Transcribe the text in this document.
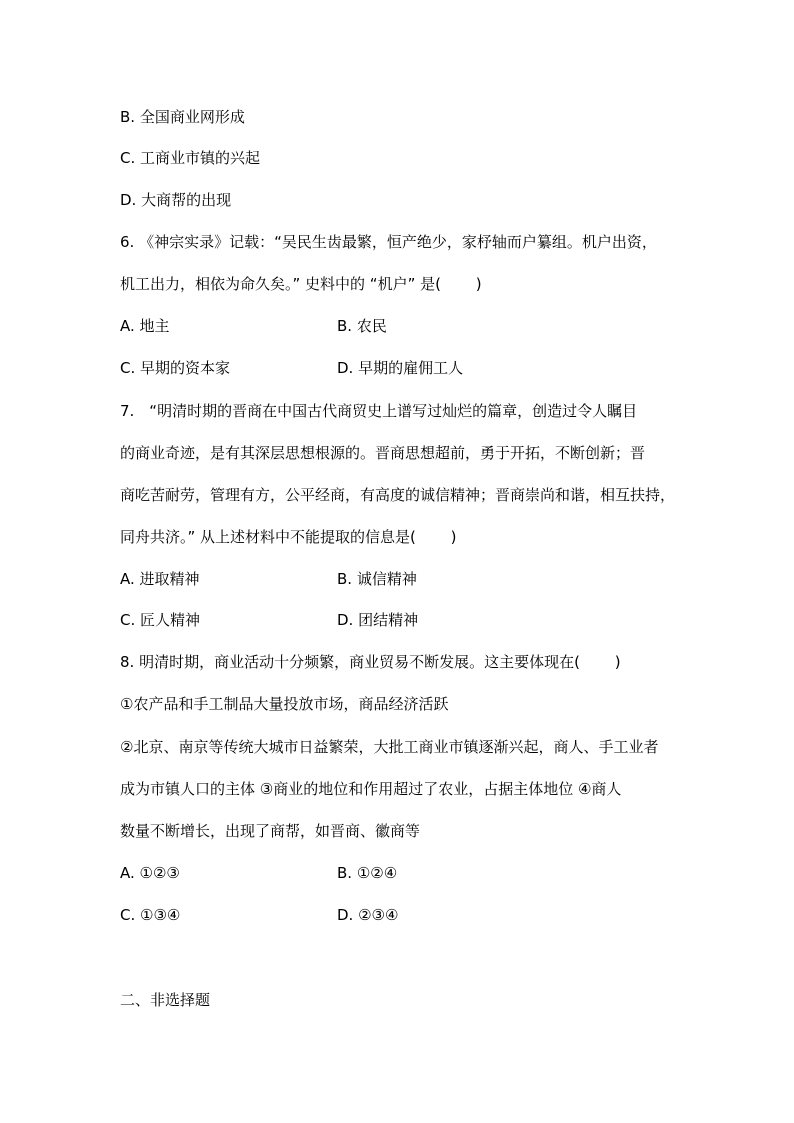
B. 全国商业网形成
C. 工商业市镇的兴起
D. 大商帮的出现
6. 《神宗实录》记载：“吴民生齿最繁，恒产绝少，家杼轴而户纂组。机户出资，
机工出力，相依为命久矣。” 史料中的 “机户” 是(　　 )
A. 地主	B. 农民
C. 早期的资本家	D. 早期的雇佣工人
7.　“明清时期的晋商在中国古代商贸史上谱写过灿烂的篇章，创造过令人瞩目
的商业奇迹，是有其深层思想根源的。晋商思想超前，勇于开拓，不断创新；晋
商吃苦耐劳，管理有方，公平经商，有高度的诚信精神；晋商崇尚和谐，相互扶持，
同舟共济。” 从上述材料中不能提取的信息是(　　 )
A. 进取精神	B. 诚信精神
C. 匠人精神	D. 团结精神
8. 明清时期，商业活动十分频繁，商业贸易不断发展。这主要体现在(　　 )
①农产品和手工制品大量投放市场，商品经济活跃
②北京、南京等传统大城市日益繁荣，大批工商业市镇逐渐兴起，商人、手工业者
成为市镇人口的主体 ③商业的地位和作用超过了农业，占据主体地位 ④商人
数量不断增长，出现了商帮，如晋商、徽商等
A. ①②③	B. ①②④
C. ①③④	D. ②③④
二、非选择题
